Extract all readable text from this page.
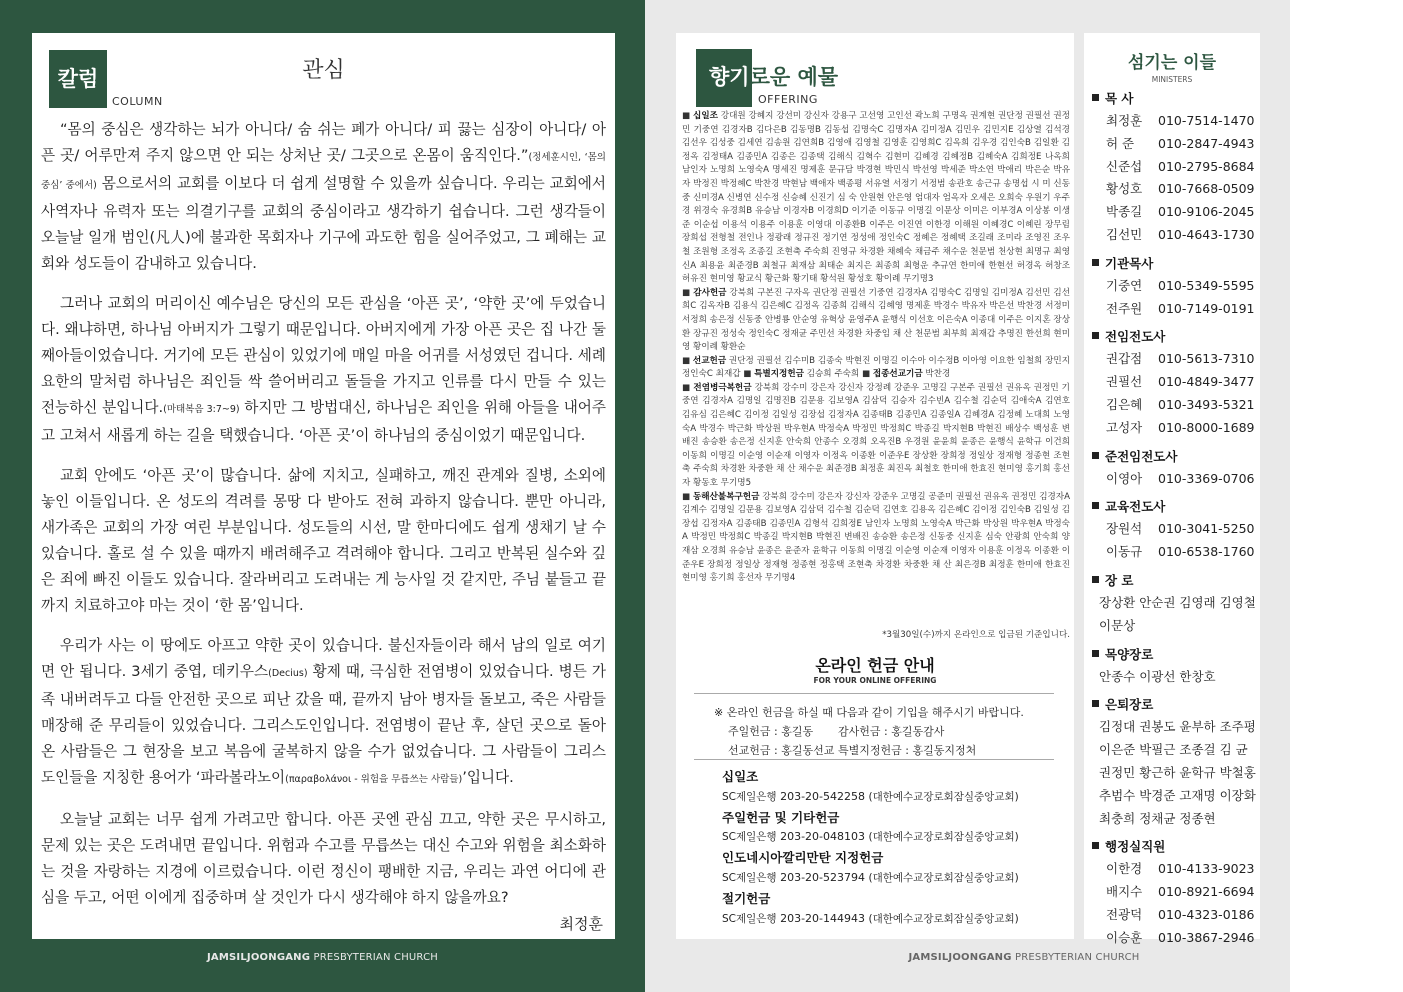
칼럼
COLUMN
관심

“몸의 중심은 생각하는 뇌가 아니다/ 숨 쉬는 폐가 아니다/ 피 끓는 심장이 아니다/ 아픈 곳/ 어루만져 주지 않으면 안 되는 상처난 곳/ 그곳으로 온몸이 움직인다.”(정세훈시인, ‘몸의 중심’ 중에서) 몸으로서의 교회를 이보다 더 쉽게 설명할 수 있을까 싶습니다. 우리는 교회에서 사역자나 유력자 또는 의결기구를 교회의 중심이라고 생각하기 쉽습니다. 그런 생각들이 오늘날 일개 범인(凡人)에 불과한 목회자나 기구에 과도한 힘을 실어주었고, 그 폐해는 교회와 성도들이 감내하고 있습니다.

그러나 교회의 머리이신 예수님은 당신의 모든 관심을 ‘아픈 곳’, ‘약한 곳’에 두었습니다. 왜냐하면, 하나님 아버지가 그렇기 때문입니다. 아버지에게 가장 아픈 곳은 집 나간 둘째아들이었습니다. 거기에 모든 관심이 있었기에 매일 마을 어귀를 서성였던 겁니다. 세례요한의 말처럼 하나님은 죄인들 싹 쓸어버리고 돌들을 가지고 인류를 다시 만들 수 있는 전능하신 분입니다.(마태복음 3:7~9) 하지만 그 방법대신, 하나님은 죄인을 위해 아들을 내어주고 고쳐서 새롭게 하는 길을 택했습니다. ‘아픈 곳’이 하나님의 중심이었기 때문입니다.

교회 안에도 ‘아픈 곳’이 많습니다. 삶에 지치고, 실패하고, 깨진 관계와 질병, 소외에 놓인 이들입니다. 온 성도의 격려를 몽땅 다 받아도 전혀 과하지 않습니다. 뿐만 아니라, 새가족은 교회의 가장 여린 부분입니다. 성도들의 시선, 말 한마디에도 쉽게 생채기 날 수 있습니다. 홀로 설 수 있을 때까지 배려해주고 격려해야 합니다. 그리고 반복된 실수와 깊은 죄에 빠진 이들도 있습니다. 잘라버리고 도려내는 게 능사일 것 같지만, 주님 붙들고 끝까지 치료하고야 마는 것이 ‘한 몸’입니다.

우리가 사는 이 땅에도 아프고 약한 곳이 있습니다. 불신자들이라 해서 남의 일로 여기면 안 됩니다. 3세기 중엽, 데키우스(Decius) 황제 때, 극심한 전염병이 있었습니다. 병든 가족 내버려두고 다들 안전한 곳으로 피난 갔을 때, 끝까지 남아 병자들 돌보고, 죽은 사람들 매장해 준 무리들이 있었습니다. 그리스도인입니다. 전염병이 끝난 후, 살던 곳으로 돌아온 사람들은 그 현장을 보고 복음에 굴복하지 않을 수가 없었습니다. 그 사람들이 그리스도인들을 지칭한 용어가 ‘파라볼라노이(παραβολάνοι - 위험을 무릅쓰는 사람들)’입니다.

오늘날 교회는 너무 쉽게 가려고만 합니다. 아픈 곳엔 관심 끄고, 약한 곳은 무시하고, 문제 있는 곳은 도려내면 끝입니다. 위험과 수고를 무릅쓰는 대신 수고와 위험을 최소화하는 것을 자랑하는 지경에 이르렀습니다. 이런 정신이 팽배한 지금, 우리는 과연 어디에 관심을 두고, 어떤 이에게 집중하며 살 것인가 다시 생각해야 하지 않을까요?

최정훈
JAMSILJOONGANG PRESBYTERIAN CHURCH
향기로운 예물
OFFERING
■ 십일조 강대원 강혜지 강선미 강신자 강용구 고선영 고인선 곽노희 구명옥 권계현 권단정 권필선 권정민 기중연 김경자B 김다은B 김동명B 김동섭 김명숙C 김명자A 김미정A 김민우 김민지E 김상열 김석경 김선우 김성중 김세연 김송원 김연희B 김영애 김영철 김영훈 김영희C 김옥희 김우경 김인숙B 김일환 김정옥 김정태A 김종민A 김종은 김종택 김해식 김혁수 김현미 김혜경 김혜정B 김혜숙A 김희정E 나옥희 남인자 노명희 노영숙A 명세진 명제훈 문규담 박경현 박민식 박선영 박세준 박소연 박애리 박은순 박유자 박정진 박정혜C 박찬경 박현남 백애자 백종평 서유열 서정기 서정범 송관호 송근규 송명섭 시 미 신동중 신미경A 신병연 신수정 신승혜 신진기 심 숙 안원현 안은영 엄대자 엄옥자 오세은 오희숙 우원기 우주경 위경숙 유경희B 유승남 이경자B 이경희D 이기준 이동규 이명길 이문상 이미은 이부경A 이상봉 이생준 이순섭 이용석 이용주 이용훈 이영대 이종환B 이주은 이진연 이한경 이해원 이혜경C 이혜린 장무림 장희섭 전형철 전인나 정광래 정규진 정기연 정성애 정인숙C 정혜은 정혜택 조길래 조미라 조영진 조우철 조원형 조정옥 조종길 조현축 주숙희 진영규 차경환 채혜숙 채금주 채수운 천문범 천상현 최명규 최영신A 최용윤 최준경B 최철규 최재삼 최태순 최지은 최종희 최형운 추규연 한미애 한현선 허경옥 허창조 허유진 현미영 황교식 황근화 황기태 황석원 황성호 황이례 무기명3
■ 감사헌금 강북희 구본진 구자옥 권단정 권필선 기중연 김경자A 김명숙C 김명일 김미정A 김선민 김선희C 김옥자B 김용식 김은혜C 김정옥 김종희 김해식 김혜영 명제훈 박경수 박유자 박은선 박찬경 서정미 서정희 송은정 신동중 안병룡 안순영 유혁상 윤영주A 윤행식 이선호 이은숙A 이종대 이주은 이지혼 장상환 장규진 정성숙 정인숙C 정재균 주민선 차경환 차중임 채 산 천문범 최부희 최재갑 추명진 한선희 현미영 황이례 황환순
■ 선교헌금 권단정 권필선 김수미B 김종숙 박현진 이명길 이수아 이수정B 이아영 이요한 임철희 장민지 정인숙C 최재갑 ■ 특별지정헌금 김승희 주숙희 ■ 접종선교기금 박찬경
■ 전염병극복헌금 강북희 강수미 강은자 강신자 강정례 강준우 고명길 구본주 권필선 권유옥 권정민 기중연 김경자A 김명일 김명진B 김문용 김보영A 김삼덕 김승자 김수빈A 김수철 김순덕 김애숙A 김연호 김유심 김은혜C 김이정 김일성 김장섭 김정자A 김종태B 김종민A 김종일A 김혜경A 김정혜 노대희 노영숙A 박경수 박근화 박상원 박우현A 박정숙A 박정민 박정희C 박종길 박지현B 박현진 배상수 백성훈 변배진 송승환 송은정 신지훈 안숙희 안종수 오경희 오옥진B 우경원 윤윤희 윤종은 윤행식 윤학규 이건희 이동희 이명길 이순영 이순재 이영자 이정옥 이종환 이준우E 장상환 장희정 정일상 정재형 정종현 조현축 주숙희 차경환 차중환 채 산 채수운 최준경B 최정훈 최진옥 최철호 한미애 한효진 현미영 홍기희 홍선자 황동호 무기명5
■ 동해산불복구헌금 강북희 강수미 강은자 강신자 강준우 고명길 공준미 권필선 권유옥 권정민 김경자A 김계수 김명일 김문용 김보영A 김삼덕 김수철 김순덕 김연호 김용옥 김은혜C 김이정 김인숙B 김일성 김장섭 김정자A 김종태B 김종민A 김형석 김희정E 남인자 노명희 노영숙A 박근화 박상원 박우현A 박정숙A 박정민 박정희C 박종길 박지현B 박현진 변배진 송승환 송은정 신동중 신지훈 심숙 안광희 안숙희 양재삼 오경희 유승남 윤종은 윤준자 윤학규 이동희 이명길 이순영 이순재 이영자 이용훈 이정옥 이종환 이준우E 장희정 정일상 정재형 정종현 정홍택 조현축 차경환 차중환 채 산 최은경B 최정훈 한미애 한효진 현미영 홍기희 홍선자 무기명4
*3월30일(수)까지 온라인으로 입금된 기준입니다.
온라인 헌금 안내
FOR YOUR ONLINE OFFERING
※ 온라인 헌금을 하실 때 다음과 같이 기입을 해주시기 바랍니다.
주일헌금 : 홍길동 감사헌금 : 홍길동감사
선교헌금 : 홍길동선교 특별지정헌금 : 홍길동지정처
십일조
SC제일은행 203-20-542258 (대한예수교장로회잠실중앙교회)
주일헌금 및 기타헌금
SC제일은행 203-20-048103 (대한예수교장로회잠실중앙교회)
인도네시아깔리만탄 지정헌금
SC제일은행 203-20-523794 (대한예수교장로회잠실중앙교회)
절기헌금
SC제일은행 203-20-144943 (대한예수교장로회잠실중앙교회)
섬기는 이들
MINISTERS
목 사
최정훈 010-7514-1470
허 준 010-2847-4943
신준섭 010-2795-8684
황성호 010-7668-0509
박종길 010-9106-2045
김선민 010-4643-1730
기관목사
기중연 010-5349-5595
전주원 010-7149-0191
전임전도사
권갑점 010-5613-7310
권필선 010-4849-3477
김은혜 010-3493-5321
고성자 010-8000-1689
준전임전도사
이영아 010-3369-0706
교육전도사
장원석 010-3041-5250
이동규 010-6538-1760
장 로
장상환 안순권 김영래 김영철 이문상
목양장로
안종수 이광선 한창호
은퇴장로
김정대 권봉도 윤부하 조주평 이은준 박필근 조종걸 김 균 권정민 황근하 윤학규 박철홍 추범수 박경준 고재명 이장화 최충희 정채균 정종현
행정실직원
이한경 010-4133-9023
배지수 010-8921-6694
전광덕 010-4323-0186
이승훈 010-3867-2946
JAMSILJOONGANG PRESBYTERIAN CHURCH
